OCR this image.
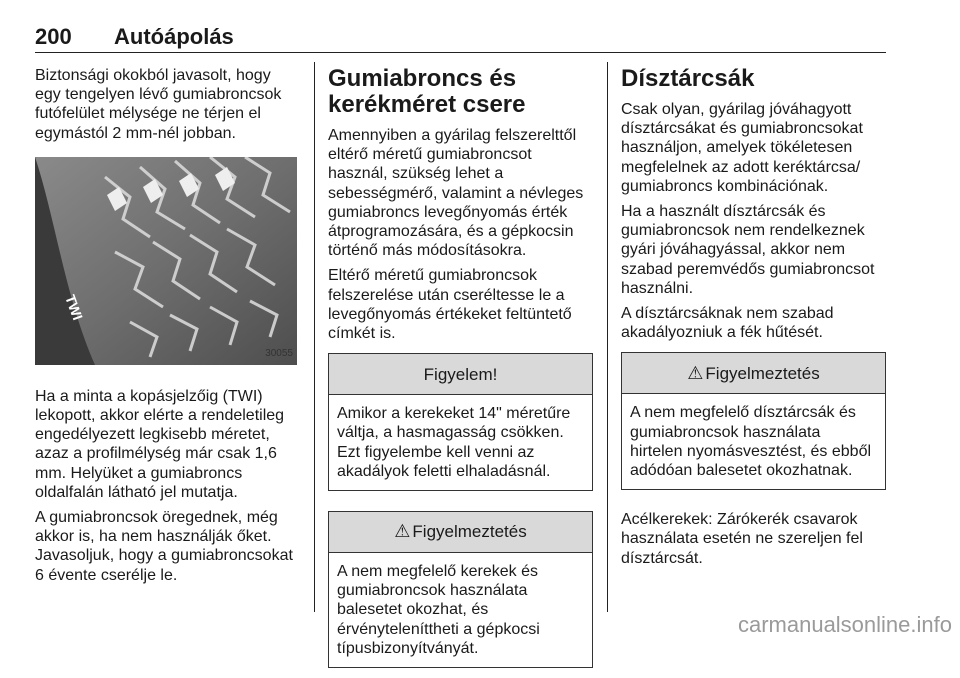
200 Autóápolás

Biztonsági okokból javasolt, hogy egy tengelyen lévő gumiabroncsok futófelület mélysége ne térjen el egymástól 2 mm-nél jobban.

TWI
30055

Ha a minta a kopásjelzőig (TWI) lekopott, akkor elérte a rendeletileg engedélyezett legkisebb méretet, azaz a profilmélység már csak 1,6 mm. Helyüket a gumiabroncs oldalfalán látható jel mutatja.

A gumiabroncsok öregednek, még akkor is, ha nem használják őket. Javasoljuk, hogy a gumiabroncsokat 6 évente cserélje le.

Gumiabroncs és kerékméret csere

Amennyiben a gyárilag felszerelttől eltérő méretű gumiabroncsot használ, szükség lehet a sebességmérő, valamint a névleges gumiabroncs levegőnyomás érték átprogramozására, és a gépkocsin történő más módosításokra.

Eltérő méretű gumiabroncsok felszerelése után cseréltesse le a levegőnyomás értékeket feltüntető címkét is.

Figyelem!
Amikor a kerekeket 14" méretűre váltja, a hasmagasság csökken. Ezt figyelembe kell venni az akadályok feletti elhaladásnál.
⚠ Figyelmeztetés
A nem megfelelő kerekek és gumiabroncsok használata balesetet okozhat, és érvényteleníttheti a gépkocsi típusbizonyítványát.
Dísztárcsák

Csak olyan, gyárilag jóváhagyott dísztárcsákat és gumiabroncsokat használjon, amelyek tökéletesen megfelelnek az adott keréktárcsa/ gumiabroncs kombinációnak.

Ha a használt dísztárcsák és gumiabroncsok nem rendelkeznek gyári jóváhagyással, akkor nem szabad peremvédős gumiabroncsot használni.

A dísztárcsáknak nem szabad akadályozniuk a fék hűtését.

⚠ Figyelmeztetés
A nem megfelelő dísztárcsák és gumiabroncsok használata hirtelen nyomásvesztést, és ebből adódóan balesetet okozhatnak.

Acélkerekek: Zárókerék csavarok használata esetén ne szereljen fel dísztárcsát.

carmanualsonline.info
